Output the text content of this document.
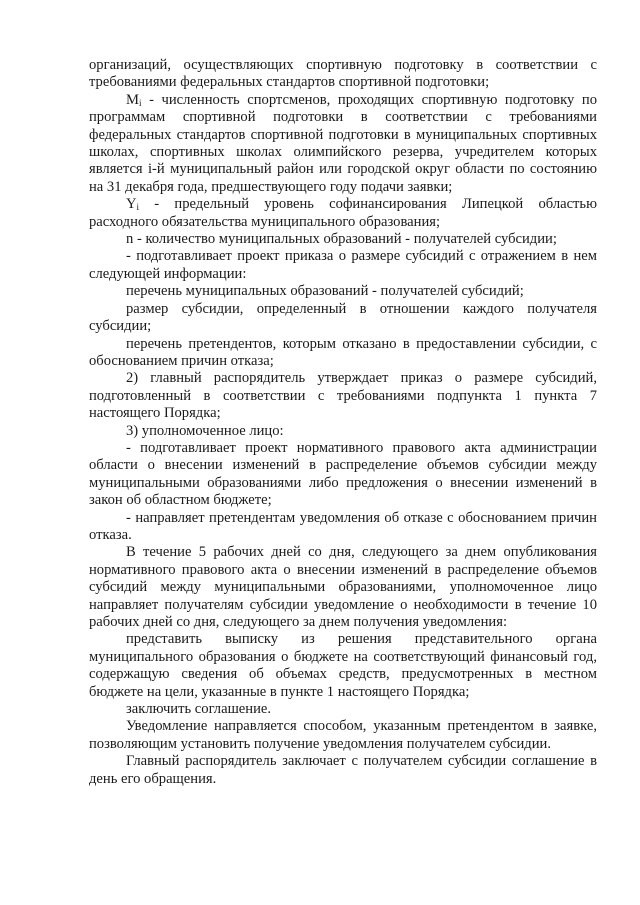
организаций, осуществляющих спортивную подготовку в соответствии с требованиями федеральных стандартов спортивной подготовки;

$M_i$ - численность спортсменов, проходящих спортивную подготовку по программам спортивной подготовки в соответствии с требованиями федеральных стандартов спортивной подготовки в муниципальных спортивных школах, спортивных школах олимпийского резерва, учредителем которых является i-й муниципальный район или городской округ области по состоянию на 31 декабря года, предшествующего году подачи заявки;

$Y_i$ - предельный уровень софинансирования Липецкой областью расходного обязательства муниципального образования;

n - количество муниципальных образований - получателей субсидии;

- подготавливает проект приказа о размере субсидий с отражением в нем следующей информации:

перечень муниципальных образований - получателей субсидий;

размер субсидии, определенный в отношении каждого получателя субсидии;

перечень претендентов, которым отказано в предоставлении субсидии, с обоснованием причин отказа;

2) главный распорядитель утверждает приказ о размере субсидий, подготовленный в соответствии с требованиями подпункта 1 пункта 7 настоящего Порядка;

3) уполномоченное лицо:

- подготавливает проект нормативного правового акта администрации области о внесении изменений в распределение объемов субсидии между муниципальными образованиями либо предложения о внесении изменений в закон об областном бюджете;

- направляет претендентам уведомления об отказе с обоснованием причин отказа.

В течение 5 рабочих дней со дня, следующего за днем опубликования нормативного правового акта о внесении изменений в распределение объемов субсидий между муниципальными образованиями, уполномоченное лицо направляет получателям субсидии уведомление о необходимости в течение 10 рабочих дней со дня, следующего за днем получения уведомления:

представить выписку из решения представительного органа муниципального образования о бюджете на соответствующий финансовый год, содержащую сведения об объемах средств, предусмотренных в местном бюджете на цели, указанные в пункте 1 настоящего Порядка;

заключить соглашение.

Уведомление направляется способом, указанным претендентом в заявке, позволяющим установить получение уведомления получателем субсидии.

Главный распорядитель заключает с получателем субсидии соглашение в день его обращения.
